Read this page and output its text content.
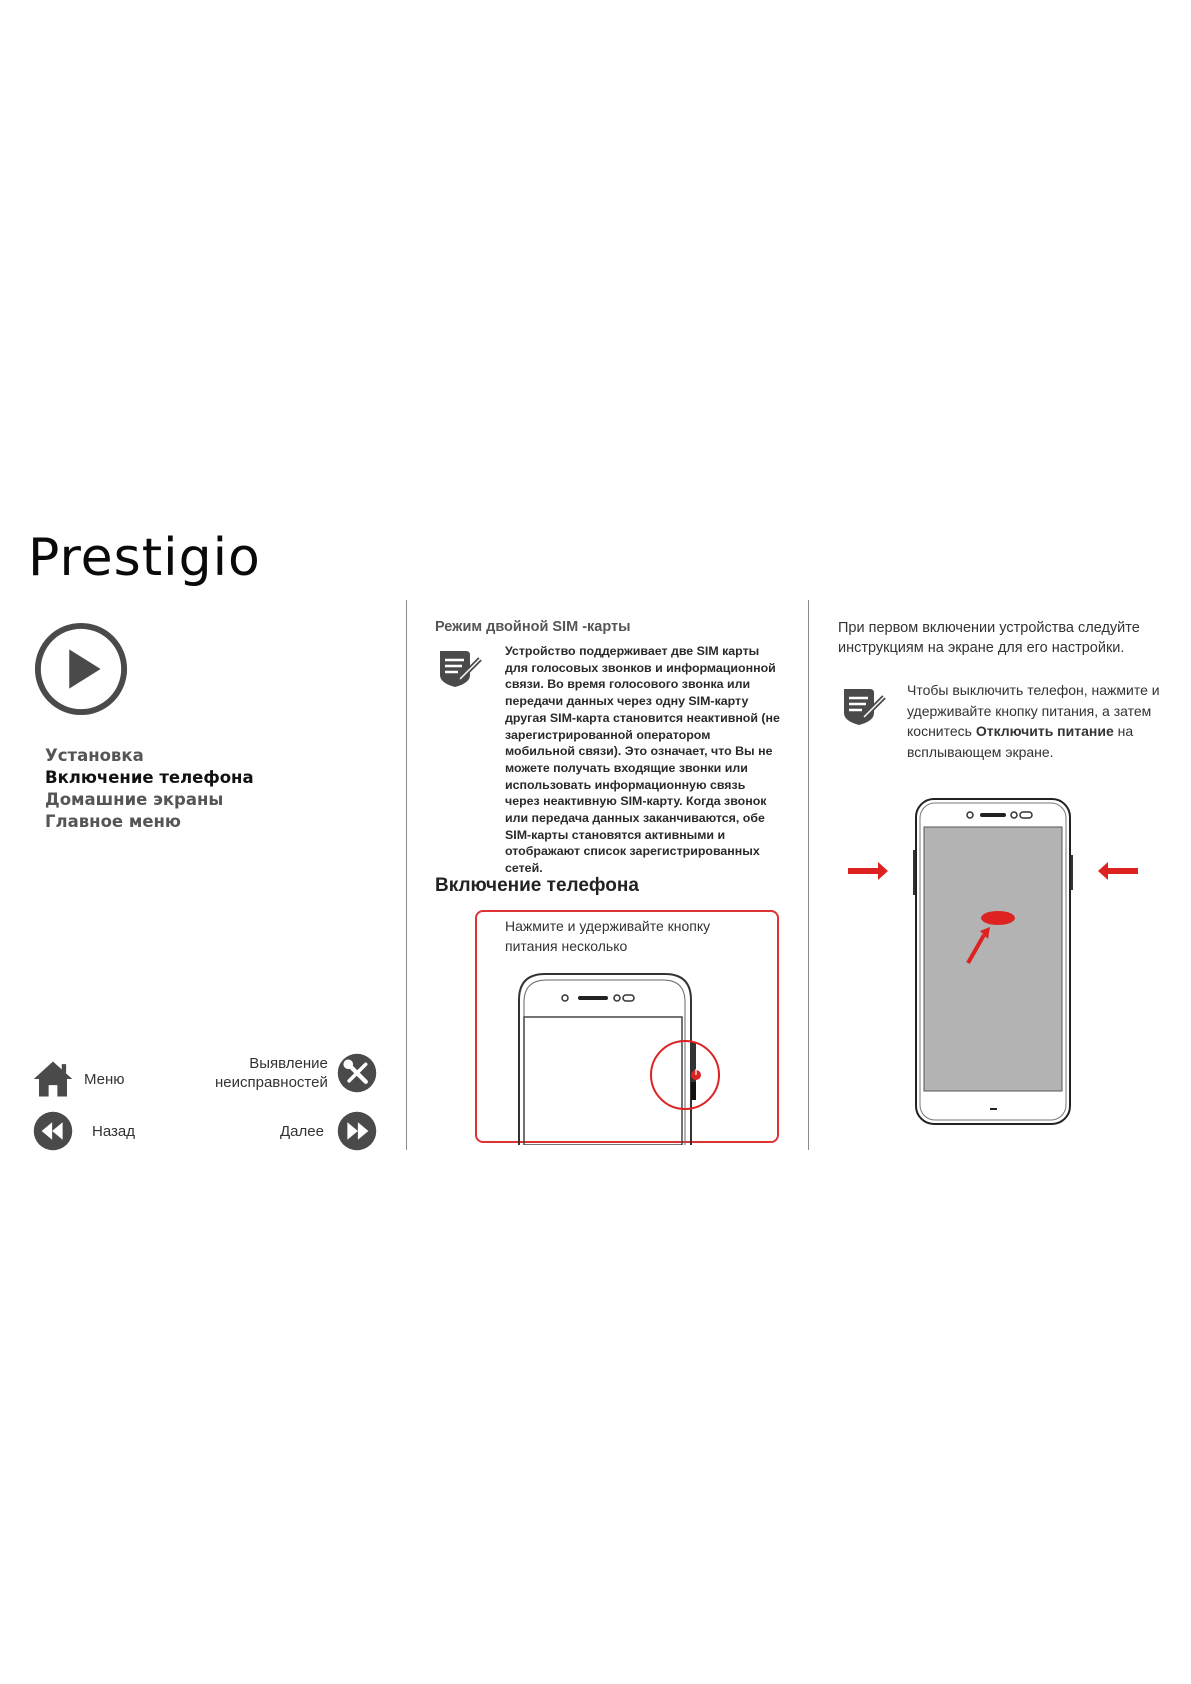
Prestigio
Установка
Включение телефона
Домашние экраны
Главное меню
Меню
Назад
Выявление
неисправностей
Далее
Режим двойной SIM -карты
Устройство поддерживает две SIM карты для голосовых звонков и информационной связи. Во время голосового звонка или передачи данных через одну SIM-карту другая SIM-карта становится неактивной (не зарегистрированной оператором мобильной связи). Это означает, что Вы не можете получать входящие звонки или использовать информационную связь через неактивную SIM-карту. Когда звонок или передача данных заканчиваются, обе SIM-карты становятся активными и отображают список зарегистрированных сетей.
Включение телефона
Нажмите и удерживайте кнопку питания несколько
При первом включении устройства следуйте инструкциям на экране для его настройки.
Чтобы выключить телефон, нажмите и удерживайте кнопку питания, а затем коснитесь Отключить питание на всплывающем экране.
